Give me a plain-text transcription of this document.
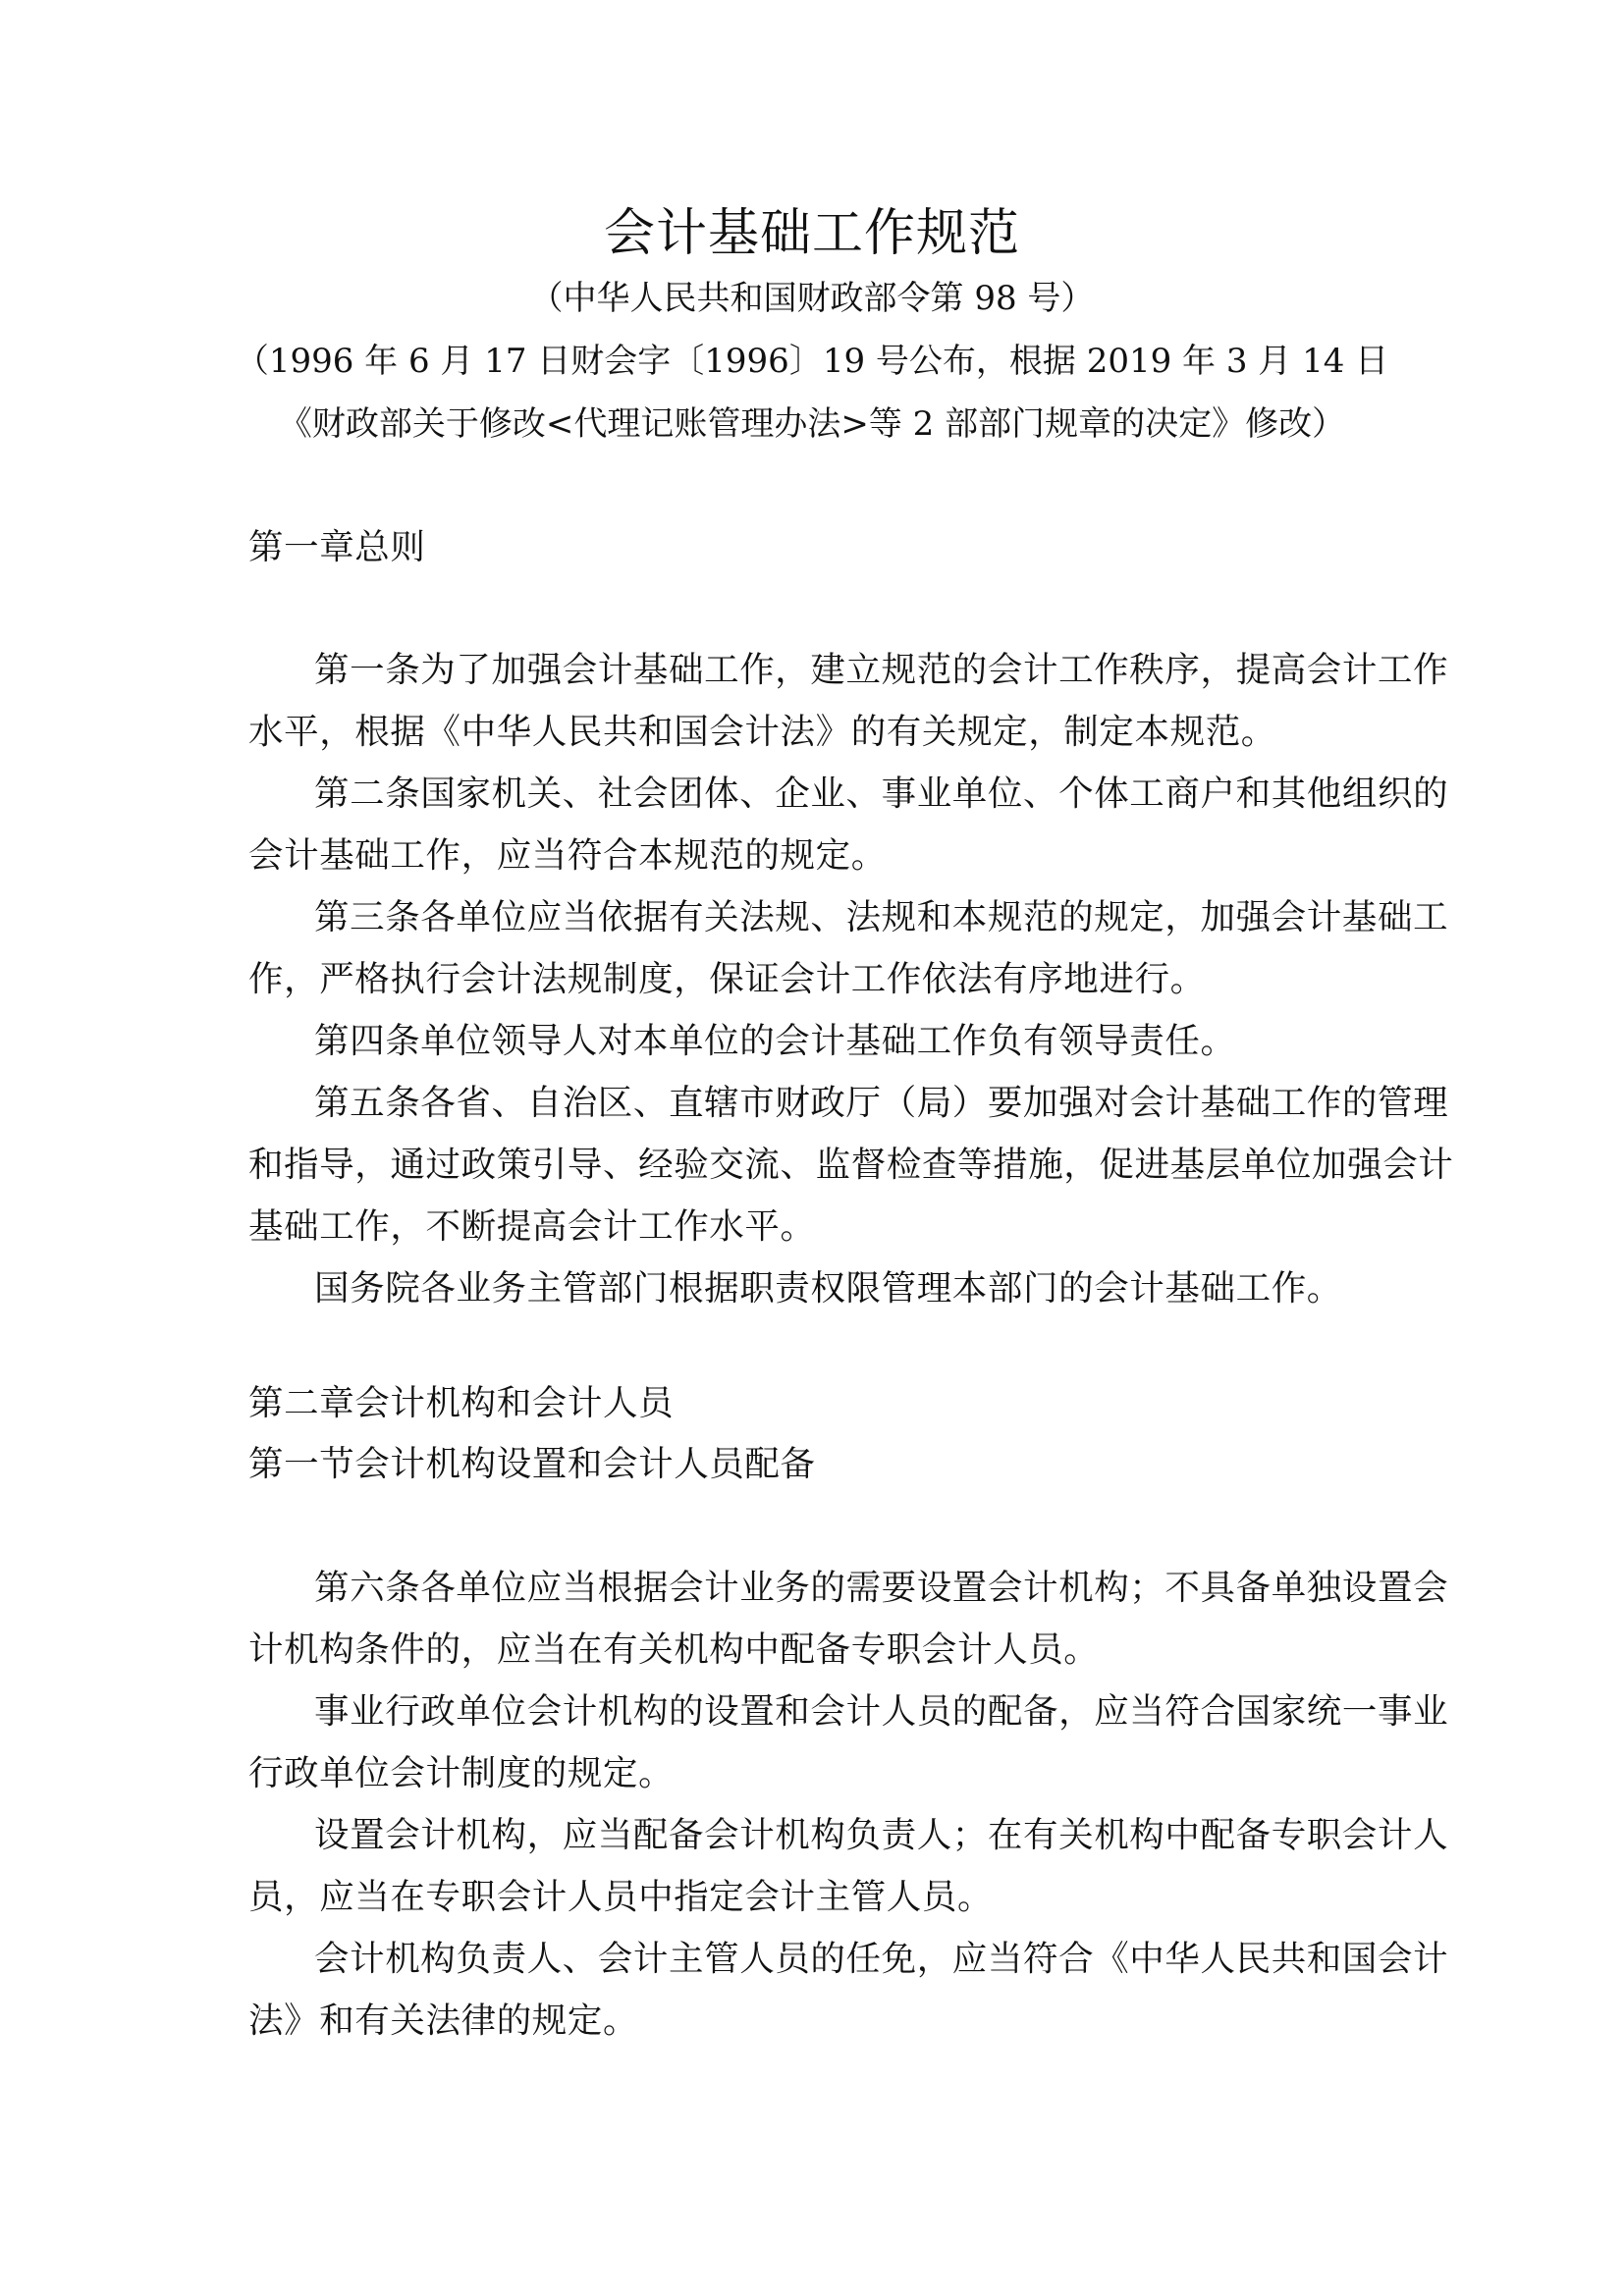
会计基础工作规范
（中华人民共和国财政部令第 98 号）
（1996 年 6 月 17 日财会字〔1996〕19 号公布，根据 2019 年 3 月 14 日
《财政部关于修改<代理记账管理办法>等 2 部部门规章的决定》修改）
第一章总则
第一条为了加强会计基础工作，建立规范的会计工作秩序，提高会计工作
水平，根据《中华人民共和国会计法》的有关规定，制定本规范。
第二条国家机关、社会团体、企业、事业单位、个体工商户和其他组织的
会计基础工作，应当符合本规范的规定。
第三条各单位应当依据有关法规、法规和本规范的规定，加强会计基础工
作，严格执行会计法规制度，保证会计工作依法有序地进行。
第四条单位领导人对本单位的会计基础工作负有领导责任。
第五条各省、自治区、直辖市财政厅（局）要加强对会计基础工作的管理
和指导，通过政策引导、经验交流、监督检查等措施，促进基层单位加强会计
基础工作，不断提高会计工作水平。
国务院各业务主管部门根据职责权限管理本部门的会计基础工作。
第二章会计机构和会计人员
第一节会计机构设置和会计人员配备
第六条各单位应当根据会计业务的需要设置会计机构；不具备单独设置会
计机构条件的，应当在有关机构中配备专职会计人员。
事业行政单位会计机构的设置和会计人员的配备，应当符合国家统一事业
行政单位会计制度的规定。
设置会计机构，应当配备会计机构负责人；在有关机构中配备专职会计人
员，应当在专职会计人员中指定会计主管人员。
会计机构负责人、会计主管人员的任免，应当符合《中华人民共和国会计
法》和有关法律的规定。
